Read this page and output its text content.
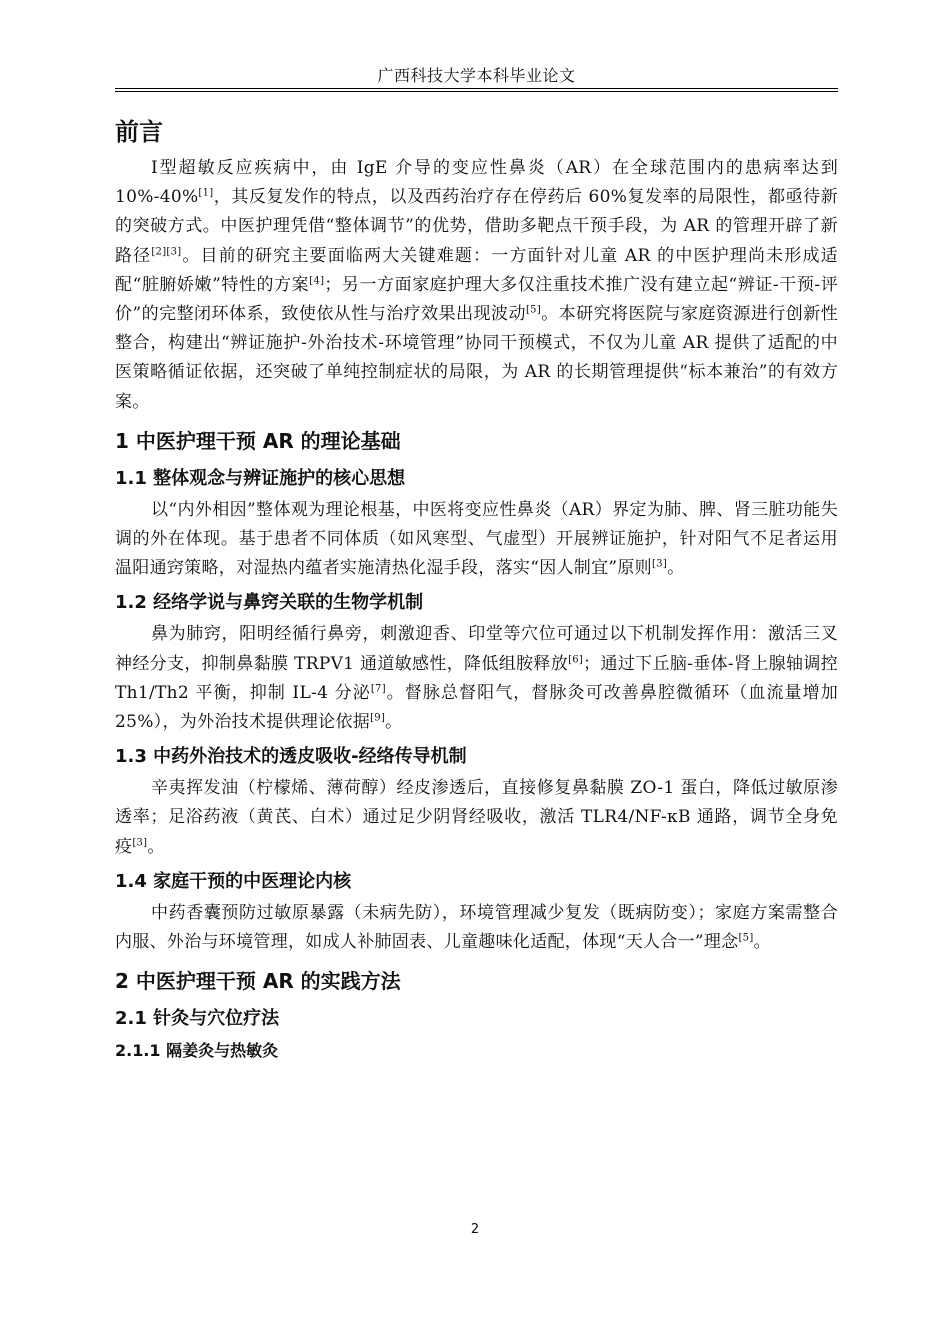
广西科技大学本科毕业论文
前言

Ⅰ型超敏反应疾病中，由 IgE 介导的变应性鼻炎（AR）在全球范围内的患病率达到 10%-40%[1]，其反复发作的特点，以及西药治疗存在停药后 60%复发率的局限性，都亟待新的突破方式。中医护理凭借“整体调节”的优势，借助多靶点干预手段，为 AR 的管理开辟了新路径[2][3]。目前的研究主要面临两大关键难题：一方面针对儿童 AR 的中医护理尚未形成适配“脏腑娇嫩”特性的方案[4]；另一方面家庭护理大多仅注重技术推广没有建立起“辨证-干预-评价”的完整闭环体系，致使依从性与治疗效果出现波动[5]。本研究将医院与家庭资源进行创新性整合，构建出“辨证施护-外治技术-环境管理”协同干预模式，不仅为儿童 AR 提供了适配的中医策略循证依据，还突破了单纯控制症状的局限，为 AR 的长期管理提供“标本兼治”的有效方案。

1 中医护理干预 AR 的理论基础
1.1 整体观念与辨证施护的核心思想

以“内外相因”整体观为理论根基，中医将变应性鼻炎（AR）界定为肺、脾、肾三脏功能失调的外在体现。基于患者不同体质（如风寒型、气虚型）开展辨证施护，针对阳气不足者运用温阳通窍策略，对湿热内蕴者实施清热化湿手段，落实“因人制宜”原则[3]。

1.2 经络学说与鼻窍关联的生物学机制

鼻为肺窍，阳明经循行鼻旁，刺激迎香、印堂等穴位可通过以下机制发挥作用：激活三叉神经分支，抑制鼻黏膜 TRPV1 通道敏感性，降低组胺释放[6]；通过下丘脑-垂体-肾上腺轴调控 Th1/Th2 平衡，抑制 IL-4 分泌[7]。督脉总督阳气，督脉灸可改善鼻腔微循环（血流量增加 25%），为外治技术提供理论依据[9]。

1.3 中药外治技术的透皮吸收-经络传导机制

辛夷挥发油（柠檬烯、薄荷醇）经皮渗透后，直接修复鼻黏膜 ZO-1 蛋白，降低过敏原渗透率；足浴药液（黄芪、白术）通过足少阴肾经吸收，激活 TLR4/NF-κB 通路，调节全身免疫[3]。

1.4 家庭干预的中医理论内核

中药香囊预防过敏原暴露（未病先防），环境管理减少复发（既病防变）；家庭方案需整合内服、外治与环境管理，如成人补肺固表、儿童趣味化适配，体现“天人合一”理念[5]。

2 中医护理干预 AR 的实践方法
2.1 针灸与穴位疗法
2.1.1 隔姜灸与热敏灸
2
